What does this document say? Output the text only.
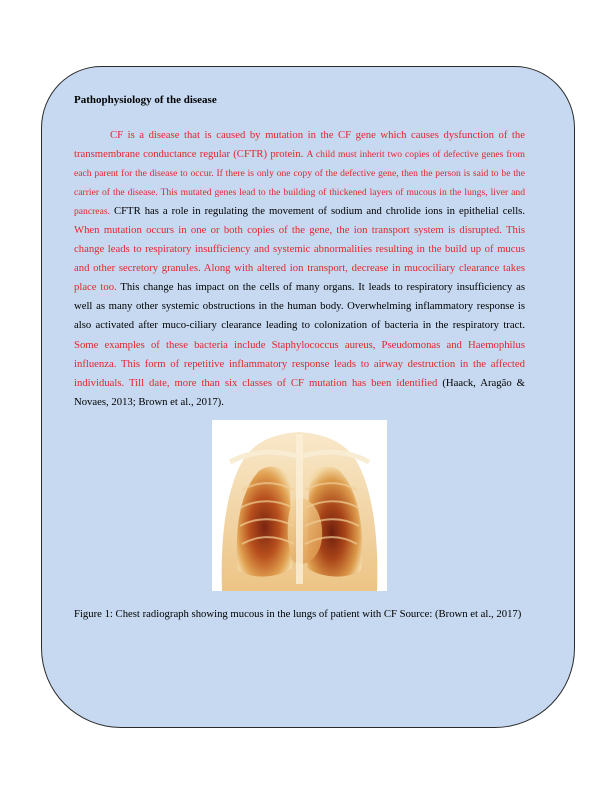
Pathophysiology of the disease

CF is a disease that is caused by mutation in the CF gene which causes dysfunction of the transmembrane conductance regular (CFTR) protein. A child must inherit two copies of defective genes from each parent for the disease to occur. If there is only one copy of the defective gene, then the person is said to be the carrier of the disease. This mutated genes lead to the building of thickened layers of mucous in the lungs, liver and pancreas. CFTR has a role in regulating the movement of sodium and chrolide ions in epithelial cells. When mutation occurs in one or both copies of the gene, the ion transport system is disrupted. This change leads to respiratory insufficiency and systemic abnormalities resulting in the build up of mucus and other secretory granules. Along with altered ion transport, decrease in mucociliary clearance takes place too. This change has impact on the cells of many organs. It leads to respiratory insufficiency as well as many other systemic obstructions in the human body. Overwhelming inflammatory response is also activated after muco-ciliary clearance leading to colonization of bacteria in the respiratory tract. Some examples of these bacteria include Staphylococcus aureus, Pseudomonas and Haemophilus influenza. This form of repetitive inflammatory response leads to airway destruction in the affected individuals. Till date, more than six classes of CF mutation has been identified (Haack, Aragão & Novaes, 2013; Brown et al., 2017).

Figure 1: Chest radiograph showing mucous in the lungs of patient with CF Source: (Brown et al., 2017)
